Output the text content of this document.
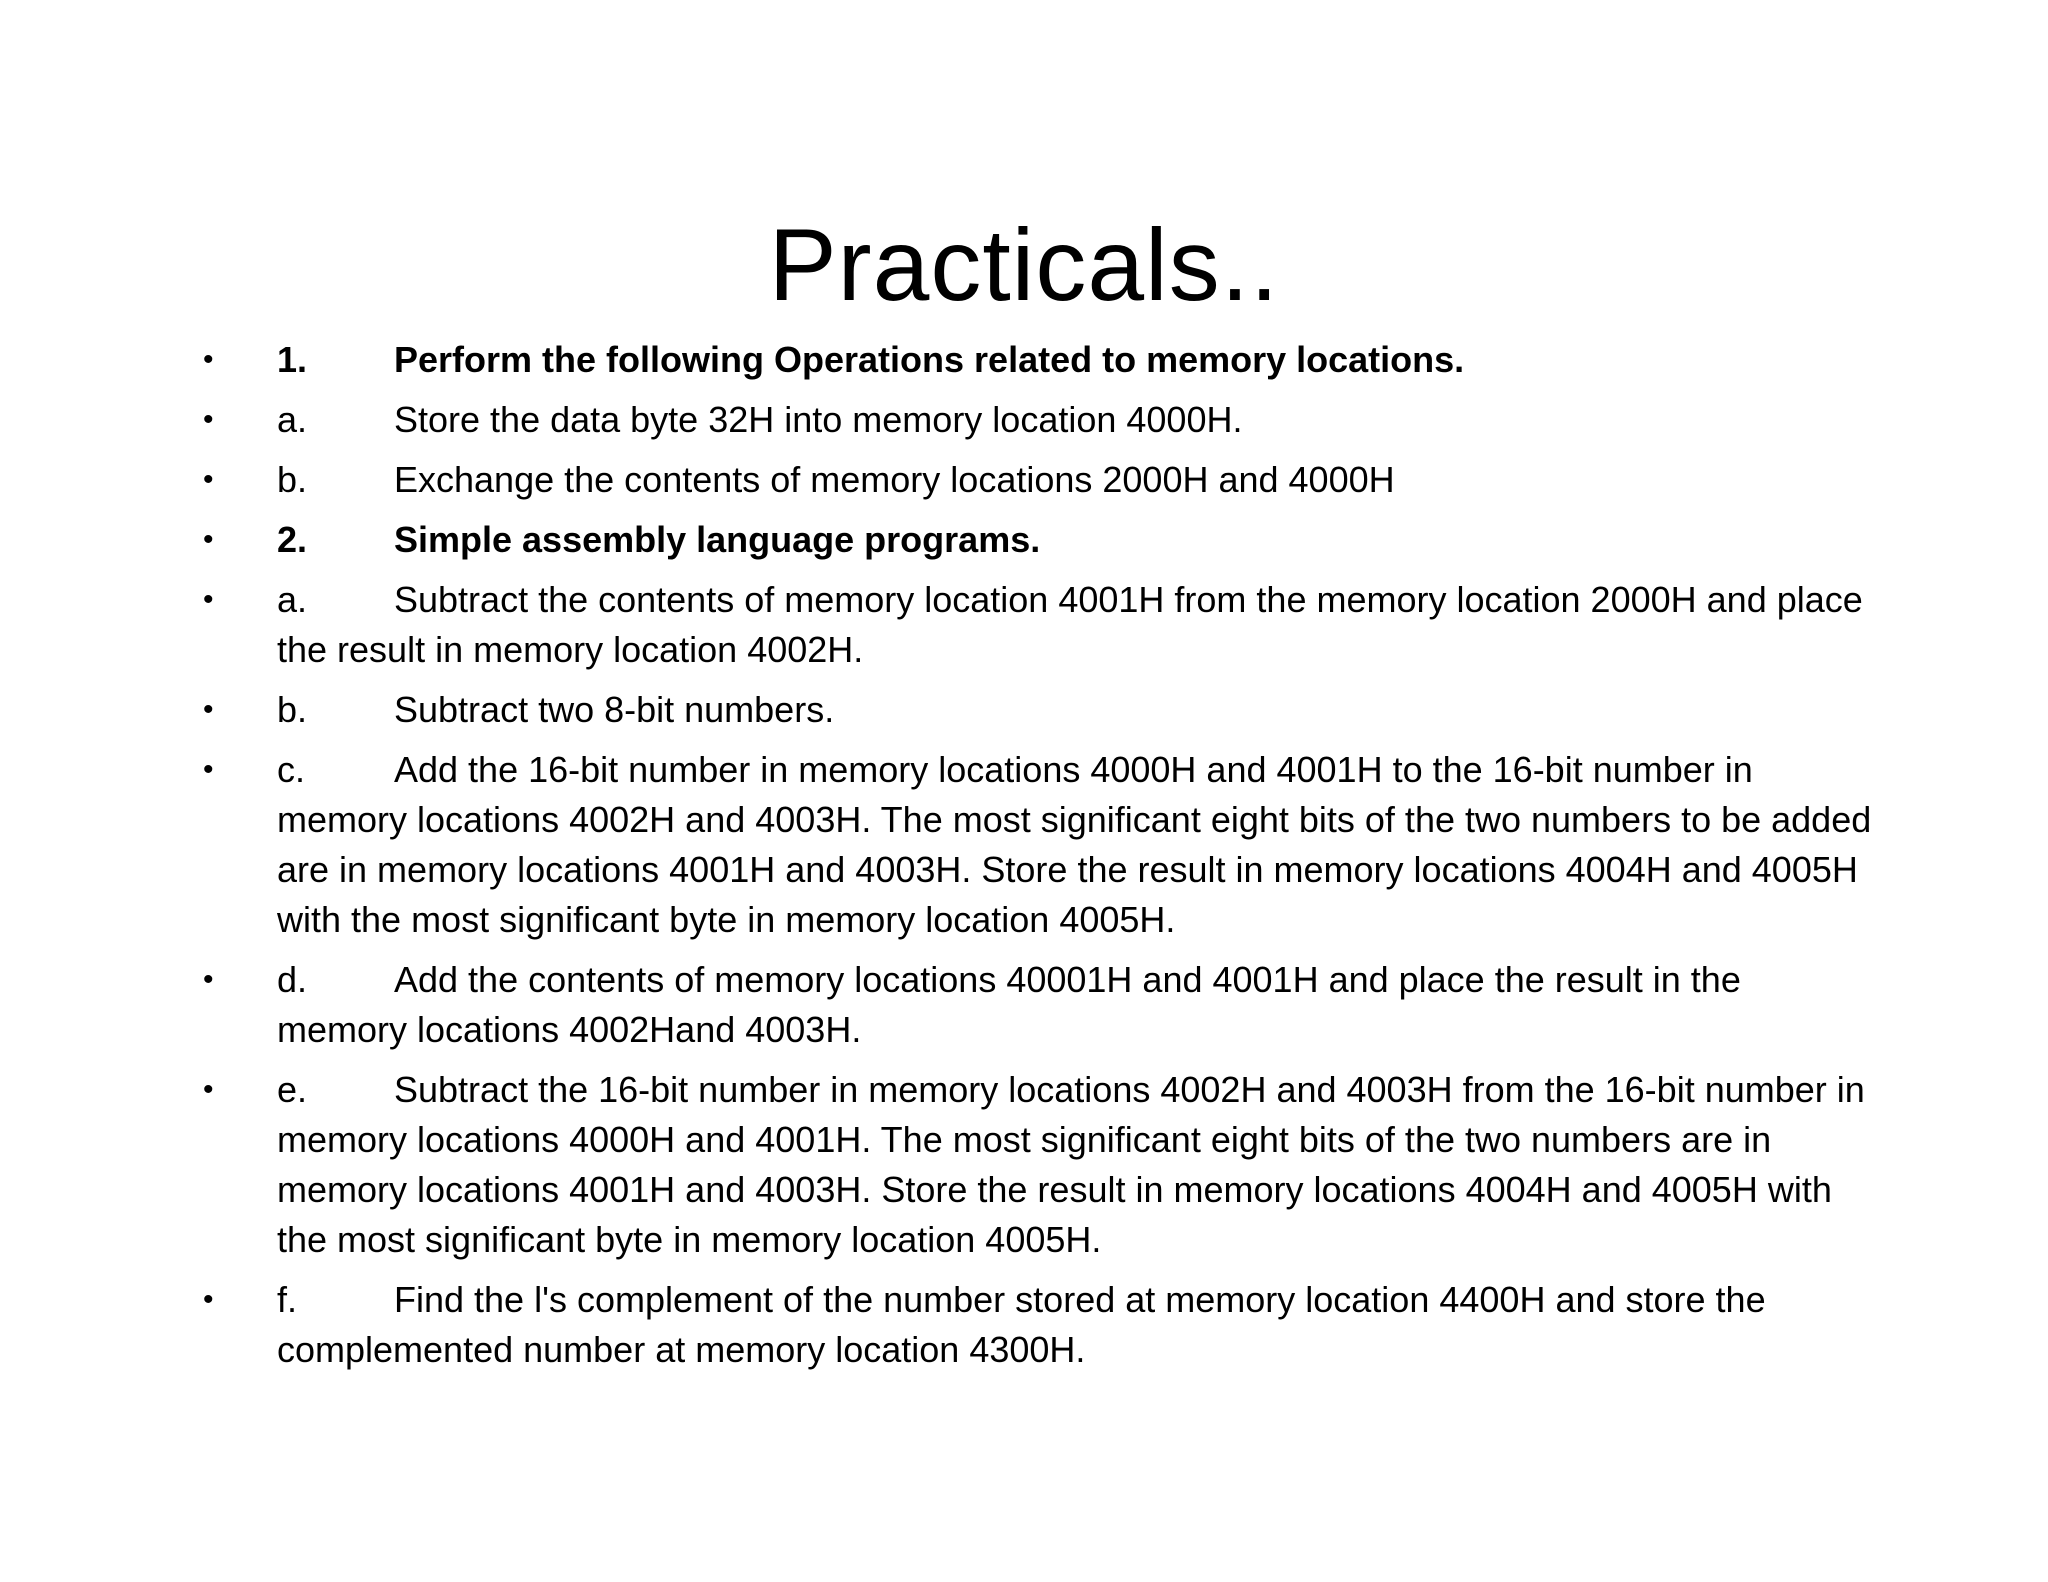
Practicals..
• 1. Perform the following Operations related to memory locations.
• a. Store the data byte 32H into memory location 4000H.
• b. Exchange the contents of memory locations 2000H and 4000H
• 2. Simple assembly language programs.
• a. Subtract the contents of memory location 4001H from the memory location 2000H and place the result in memory location 4002H.
• b. Subtract two 8-bit numbers.
• c. Add the 16-bit number in memory locations 4000H and 4001H to the 16-bit number in memory locations 4002H and 4003H. The most significant eight bits of the two numbers to be added are in memory locations 4001H and 4003H. Store the result in memory locations 4004H and 4005H with the most significant byte in memory location 4005H.
• d. Add the contents of memory locations 40001H and 4001H and place the result in the memory locations 4002Hand 4003H.
• e. Subtract the 16-bit number in memory locations 4002H and 4003H from the 16-bit number in memory locations 4000H and 4001H. The most significant eight bits of the two numbers are in memory locations 4001H and 4003H. Store the result in memory locations 4004H and 4005H with the most significant byte in memory location 4005H.
• f.	Find the l's complement of the number stored at memory location 4400H and store the complemented number at memory location 4300H.
